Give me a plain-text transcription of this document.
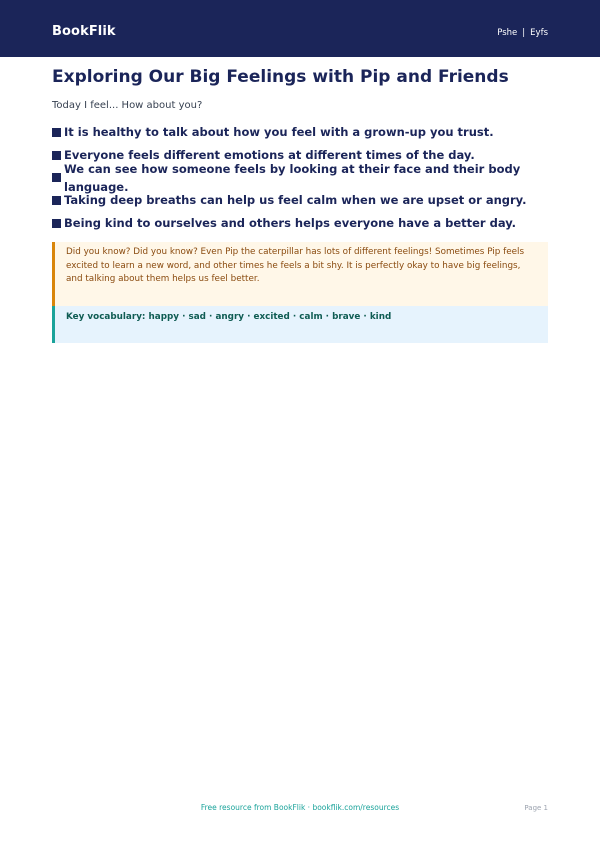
BookFlik	Pshe | Eyfs
Exploring Our Big Feelings with Pip and Friends

Today I feel... How about you?

It is healthy to talk about how you feel with a grown-up you trust.
Everyone feels different emotions at different times of the day.
We can see how someone feels by looking at their face and their body language.
Taking deep breaths can help us feel calm when we are upset or angry.
Being kind to ourselves and others helps everyone have a better day.

Did you know? Did you know? Even Pip the caterpillar has lots of different feelings! Sometimes Pip feels excited to learn a new word, and other times he feels a bit shy. It is perfectly okay to have big feelings, and talking about them helps us feel better.

Key vocabulary: happy · sad · angry · excited · calm · brave · kind

Free resource from BookFlik · bookflik.com/resources	Page 1
